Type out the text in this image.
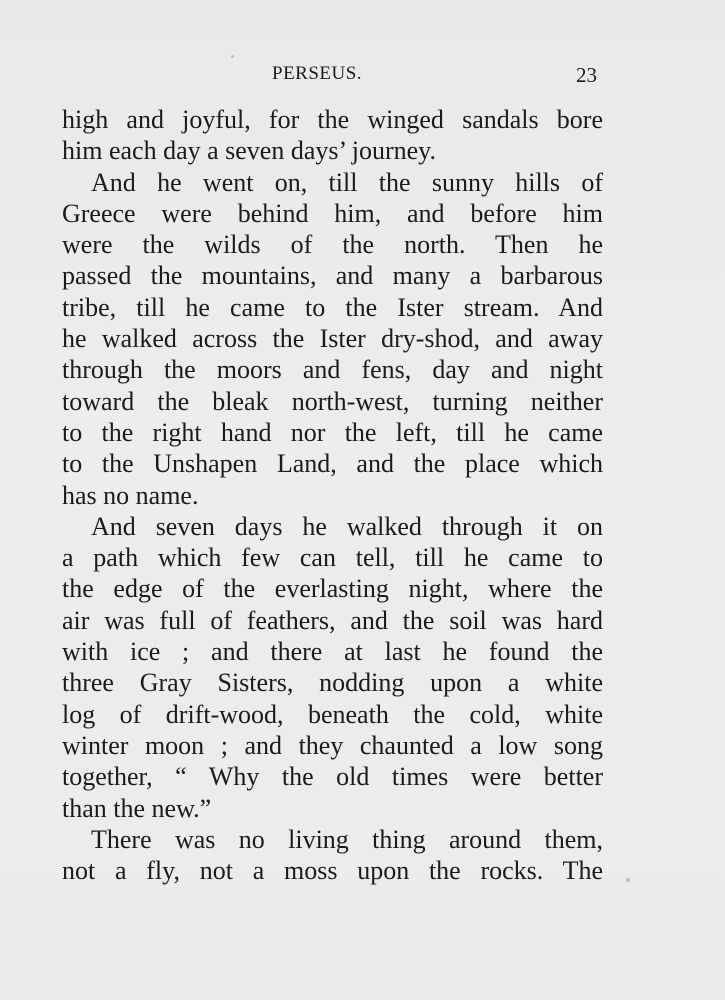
PERSEUS.	23
high and joyful, for the winged sandals bore
him each day a seven days’ journey.
And he went on, till the sunny hills of
Greece were behind him, and before him
were the wilds of the north. Then he
passed the mountains, and many a barbarous
tribe, till he came to the Ister stream. And
he walked across the Ister dry-shod, and away
through the moors and fens, day and night
toward the bleak north-west, turning neither
to the right hand nor the left, till he came
to the Unshapen Land, and the place which
has no name.
And seven days he walked through it on
a path which few can tell, till he came to
the edge of the everlasting night, where the
air was full of feathers, and the soil was hard
with ice ; and there at last he found the
three Gray Sisters, nodding upon a white
log of drift-wood, beneath the cold, white
winter moon ; and they chaunted a low song
together, “ Why the old times were better
than the new.”
There was no living thing around them,
not a fly, not a moss upon the rocks. The
